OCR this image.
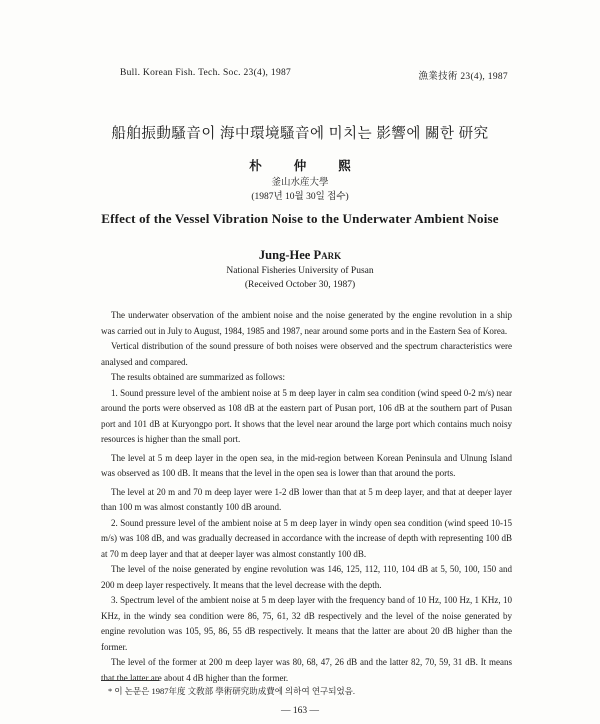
Bull. Korean Fish. Tech. Soc. 23(4), 1987	漁業技術 23(4), 1987
船舶振動騷音이 海中環境騷音에 미치는 影響에 關한 研究
朴	仲	熙
釜山水産大學
(1987년 10월 30일 접수)
Effect of the Vessel Vibration Noise to the Underwater Ambient Noise
Jung-Hee Park
National Fisheries University of Pusan
(Received October 30, 1987)

The underwater observation of the ambient noise and the noise generated by the engine revolution in a ship was carried out in July to August, 1984, 1985 and 1987, near around some ports and in the Eastern Sea of Korea.

Vertical distribution of the sound pressure of both noises were observed and the spectrum characteristics were analysed and compared.

The results obtained are summarized as follows:

1. Sound pressure level of the ambient noise at 5 m deep layer in calm sea condition (wind speed 0-2 m/s) near around the ports were observed as 108 dB at the eastern part of Pusan port, 106 dB at the southern part of Pusan port and 101 dB at Kuryongpo port. It shows that the level near around the large port which contains much noisy resources is higher than the small port.

The level at 5 m deep layer in the open sea, in the mid-region between Korean Peninsula and Ulnung Island was observed as 100 dB. It means that the level in the open sea is lower than that around the ports.

The level at 20 m and 70 m deep layer were 1-2 dB lower than that at 5 m deep layer, and that at deeper layer than 100 m was almost constantly 100 dB around.

2. Sound pressure level of the ambient noise at 5 m deep layer in windy open sea condition (wind speed 10-15 m/s) was 108 dB, and was gradually decreased in accordance with the increase of depth with representing 100 dB at 70 m deep layer and that at deeper layer was almost constantly 100 dB.

The level of the noise generated by engine revolution was 146, 125, 112, 110, 104 dB at 5, 50, 100, 150 and 200 m deep layer respectively. It means that the level decrease with the depth.

3. Spectrum level of the ambient noise at 5 m deep layer with the frequency band of 10 Hz, 100 Hz, 1 KHz, 10 KHz, in the windy sea condition were 86, 75, 61, 32 dB respectively and the level of the noise generated by engine revolution was 105, 95, 86, 55 dB respectively. It means that the latter are about 20 dB higher than the former.

The level of the former at 200 m deep layer was 80, 68, 47, 26 dB and the latter 82, 70, 59, 31 dB. It means that the latter are about 4 dB higher than the former.

* 이 논문은 1987年度 文敎部 學術研究助成費에 의하여 연구되었음.
— 163 —
